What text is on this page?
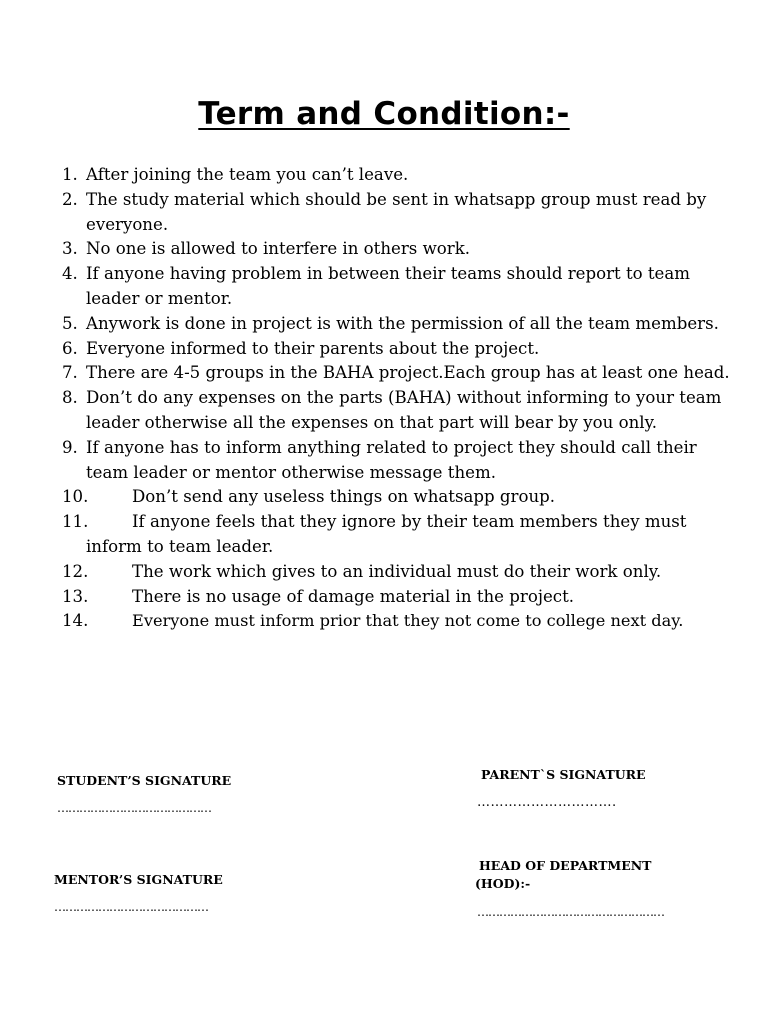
Term and Condition:-
1. After joining the team you can’t leave.
2. The study material which should be sent in whatsapp group must read by everyone.
3. No one is allowed to interfere in others work.
4. If anyone having problem in between their teams should report to team leader or mentor.
5. Anywork is done in project is with the permission of all the team members.
6. Everyone informed to their parents about the project.
7. There are 4-5 groups in the BAHA project.Each group has at least one head.
8. Don’t do any expenses on the parts (BAHA) without informing to your team leader otherwise all the expenses on that part will bear by you only.
9. If anyone has to inform anything related to project they should call their team leader or mentor otherwise message them.
10.	Don’t send any useless things on whatsapp group.
11.	If anyone feels that they ignore by their team members they must inform to team leader.
12.	The work which gives to an individual must do their work only.
13.	There is no usage of damage material in the project.
14.	Everyone must inform prior that they not come to college next day.
STUDENT’S SIGNATURE
……………………………………
PARENT`S SIGNATURE
………………………….
MENTOR’S SIGNATURE
……………………………………
HEAD OF DEPARTMENT
(HOD):-
……………………………………………
